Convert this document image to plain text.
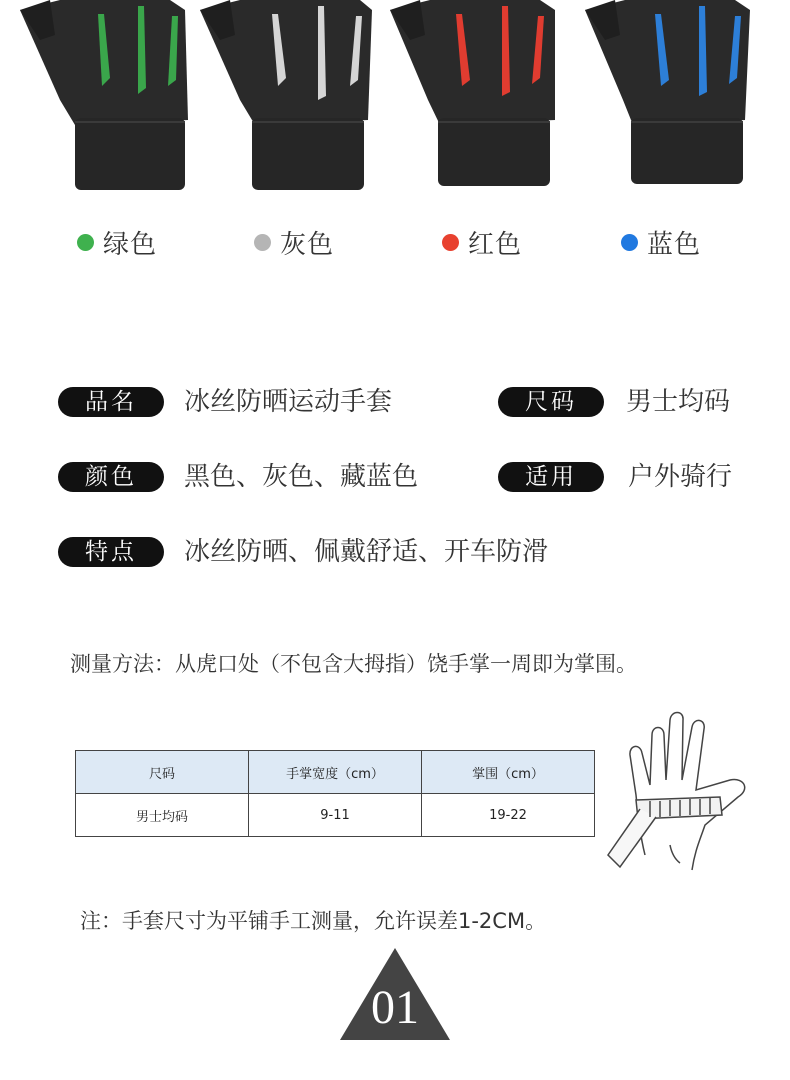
绿色	灰色	红色	蓝色
品名	冰丝防晒运动手套	尺码	男士均码
颜色	黑色、灰色、藏蓝色	适用	户外骑行
特点	冰丝防晒、佩戴舒适、开车防滑
测量方法：从虎口处（不包含大拇指）饶手掌一周即为掌围。
尺码	手掌宽度（cm）	掌围（cm）
男士均码	9-11	19-22
注：手套尺寸为平铺手工测量，允许误差1-2CM。
01
